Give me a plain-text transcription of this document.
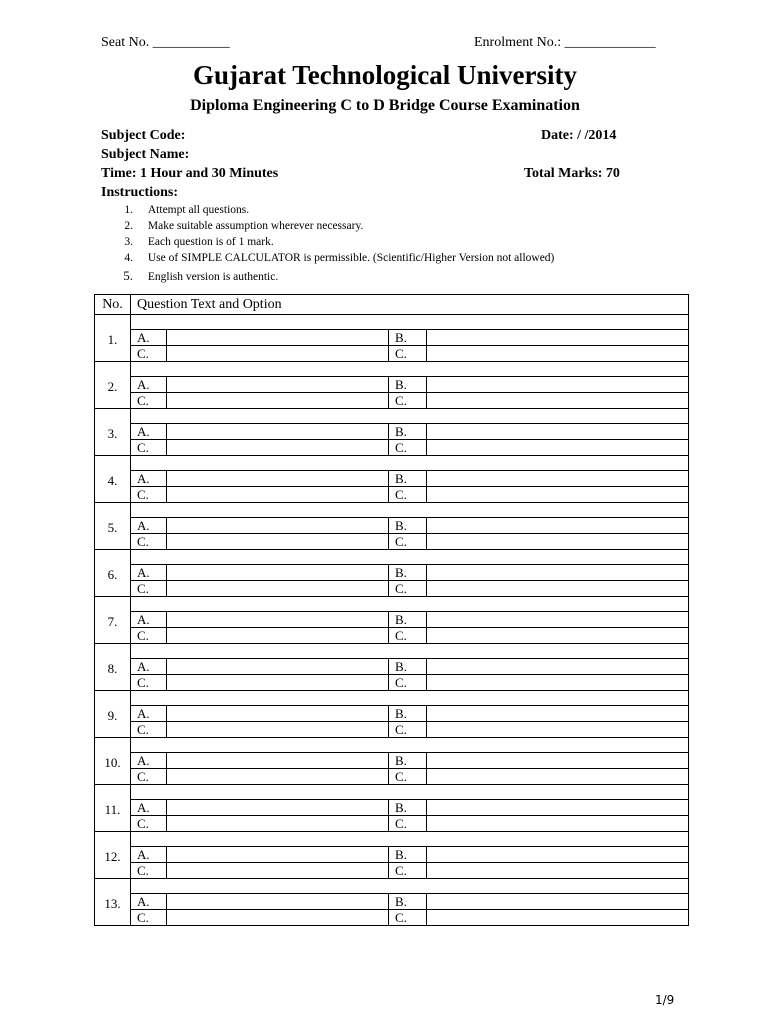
Seat No. ___________	Enrolment No.: _____________
Gujarat Technological University
Diploma Engineering C to D Bridge Course Examination
Subject Code:	Date: / /2014
Subject Name:
Time: 1 Hour and 30 Minutes	Total Marks: 70
Instructions:
1. Attempt all questions.
2. Make suitable assumption wherever necessary.
3. Each question is of 1 mark.
4. Use of SIMPLE CALCULATOR is permissible. (Scientific/Higher Version not allowed)
5. English version is authentic.
No.	Question Text and Option			
1.				
	A.		B.	
	C.		C.	
2.				
	A.		B.	
	C.		C.	
3.				
	A.		B.	
	C.		C.	
4.				
	A.		B.	
	C.		C.	
5.				
	A.		B.	
	C.		C.	
6.				
	A.		B.	
	C.		C.	
7.				
	A.		B.	
	C.		C.	
8.				
	A.		B.	
	C.		C.	
9.				
	A.		B.	
	C.		C.	
10.				
	A.		B.	
	C.		C.	
11.				
	A.		B.	
	C.		C.	
12.				
	A.		B.	
	C.		C.	
13.				
	A.		B.	
	C.		C.	
1/9
